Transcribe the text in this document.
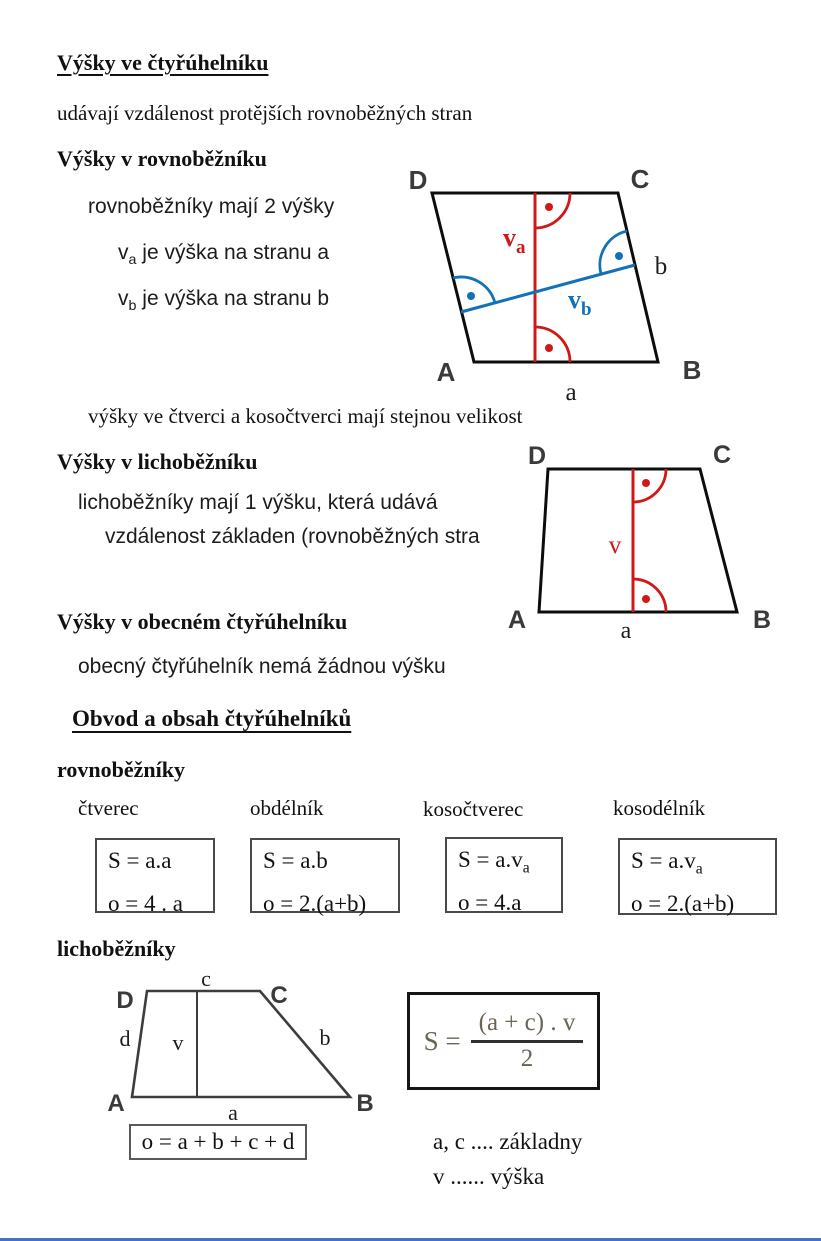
Výšky ve čtyřúhelníku
udávají vzdálenost protějších rovnoběžných stran
Výšky v rovnoběžníku
rovnoběžníky mají 2 výšky
$v_a$ je výška na stranu a
$v_b$ je výška na stranu b
D	C
A	B
a
b
$v_a$
$v_b$
výšky ve čtverci a kosočtverci mají stejnou velikost
Výšky v lichoběžníku
lichoběžníky mají 1 výšku, která udává
vzdálenost základen (rovnoběžných stra
D	C
A	B
a
v
Výšky v obecném čtyřúhelníku
obecný čtyřúhelník nemá žádnou výšku
Obvod a obsah čtyřúhelníků
rovnoběžníky
čtverec	obdélník	kosočtverec	kosodélník
S = a.a
o = 4 . a
S = a.b
o = 2.(a+b)
$S = a.v_a$
o = 4.a
$S = a.v_a$
o = 2.(a+b)
lichoběžníky
D	C
A	B
c
d v	b
a
$S = \frac{(a + c) . v}{2}$
o = a + b + c + d	a, c .... základny
v ...... výška
